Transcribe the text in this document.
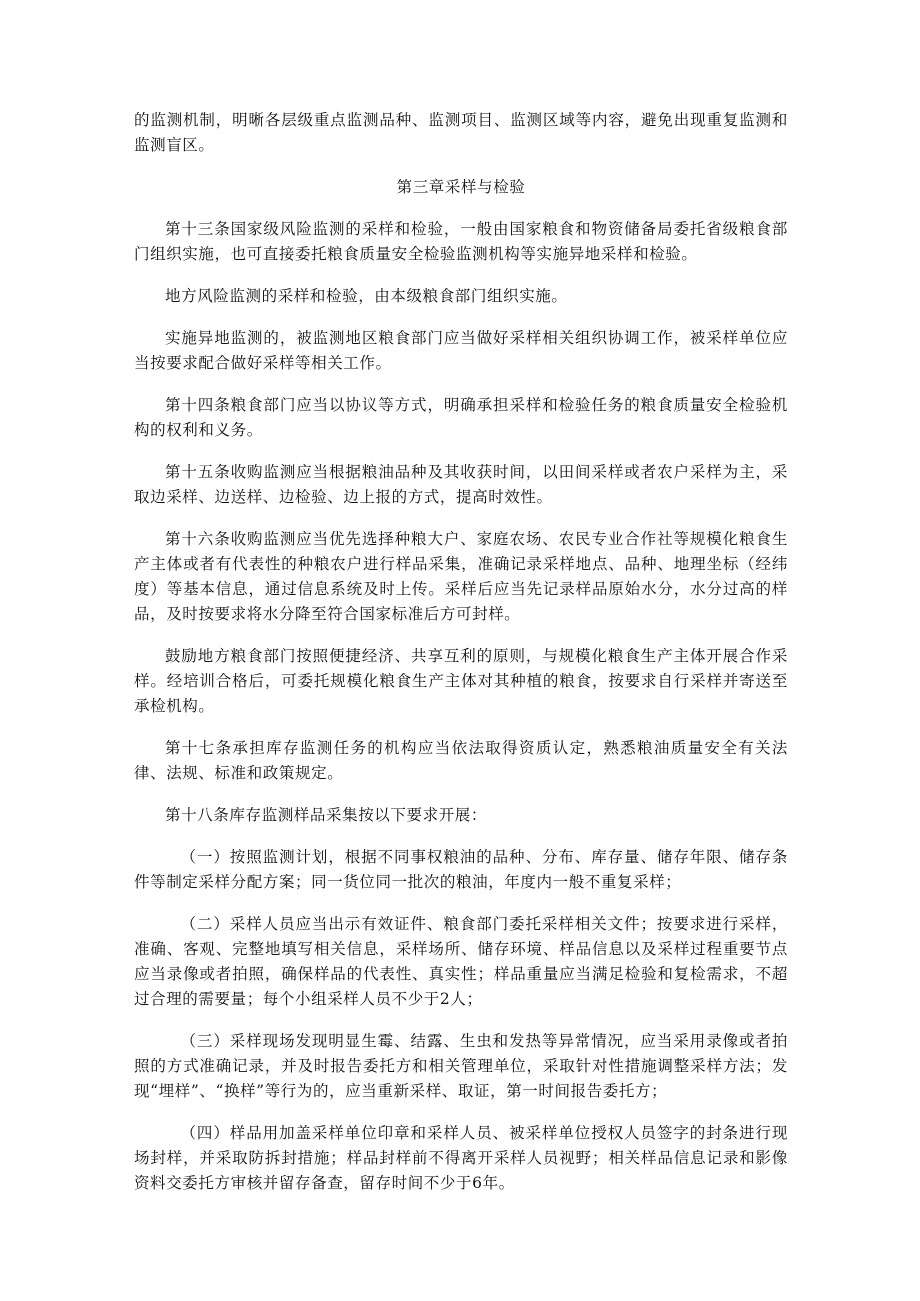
的监测机制，明晰各层级重点监测品种、监测项目、监测区域等内容，避免出现重复监测和监测盲区。

第三章采样与检验

第十三条国家级风险监测的采样和检验，一般由国家粮食和物资储备局委托省级粮食部门组织实施，也可直接委托粮食质量安全检验监测机构等实施异地采样和检验。

地方风险监测的采样和检验，由本级粮食部门组织实施。

实施异地监测的，被监测地区粮食部门应当做好采样相关组织协调工作，被采样单位应当按要求配合做好采样等相关工作。

第十四条粮食部门应当以协议等方式，明确承担采样和检验任务的粮食质量安全检验机构的权利和义务。

第十五条收购监测应当根据粮油品种及其收获时间，以田间采样或者农户采样为主，采取边采样、边送样、边检验、边上报的方式，提高时效性。

第十六条收购监测应当优先选择种粮大户、家庭农场、农民专业合作社等规模化粮食生产主体或者有代表性的种粮农户进行样品采集，准确记录采样地点、品种、地理坐标（经纬度）等基本信息，通过信息系统及时上传。采样后应当先记录样品原始水分，水分过高的样品，及时按要求将水分降至符合国家标准后方可封样。

鼓励地方粮食部门按照便捷经济、共享互利的原则，与规模化粮食生产主体开展合作采样。经培训合格后，可委托规模化粮食生产主体对其种植的粮食，按要求自行采样并寄送至承检机构。

第十七条承担库存监测任务的机构应当依法取得资质认定，熟悉粮油质量安全有关法律、法规、标准和政策规定。

第十八条库存监测样品采集按以下要求开展：

（一）按照监测计划，根据不同事权粮油的品种、分布、库存量、储存年限、储存条件等制定采样分配方案；同一货位同一批次的粮油，年度内一般不重复采样；

（二）采样人员应当出示有效证件、粮食部门委托采样相关文件；按要求进行采样，准确、客观、完整地填写相关信息，采样场所、储存环境、样品信息以及采样过程重要节点应当录像或者拍照，确保样品的代表性、真实性；样品重量应当满足检验和复检需求，不超过合理的需要量；每个小组采样人员不少于2人；

（三）采样现场发现明显生霉、结露、生虫和发热等异常情况，应当采用录像或者拍照的方式准确记录，并及时报告委托方和相关管理单位，采取针对性措施调整采样方法；发现“埋样”、“换样”等行为的，应当重新采样、取证，第一时间报告委托方；

（四）样品用加盖采样单位印章和采样人员、被采样单位授权人员签字的封条进行现场封样，并采取防拆封措施；样品封样前不得离开采样人员视野；相关样品信息记录和影像资料交委托方审核并留存备查，留存时间不少于6年。
